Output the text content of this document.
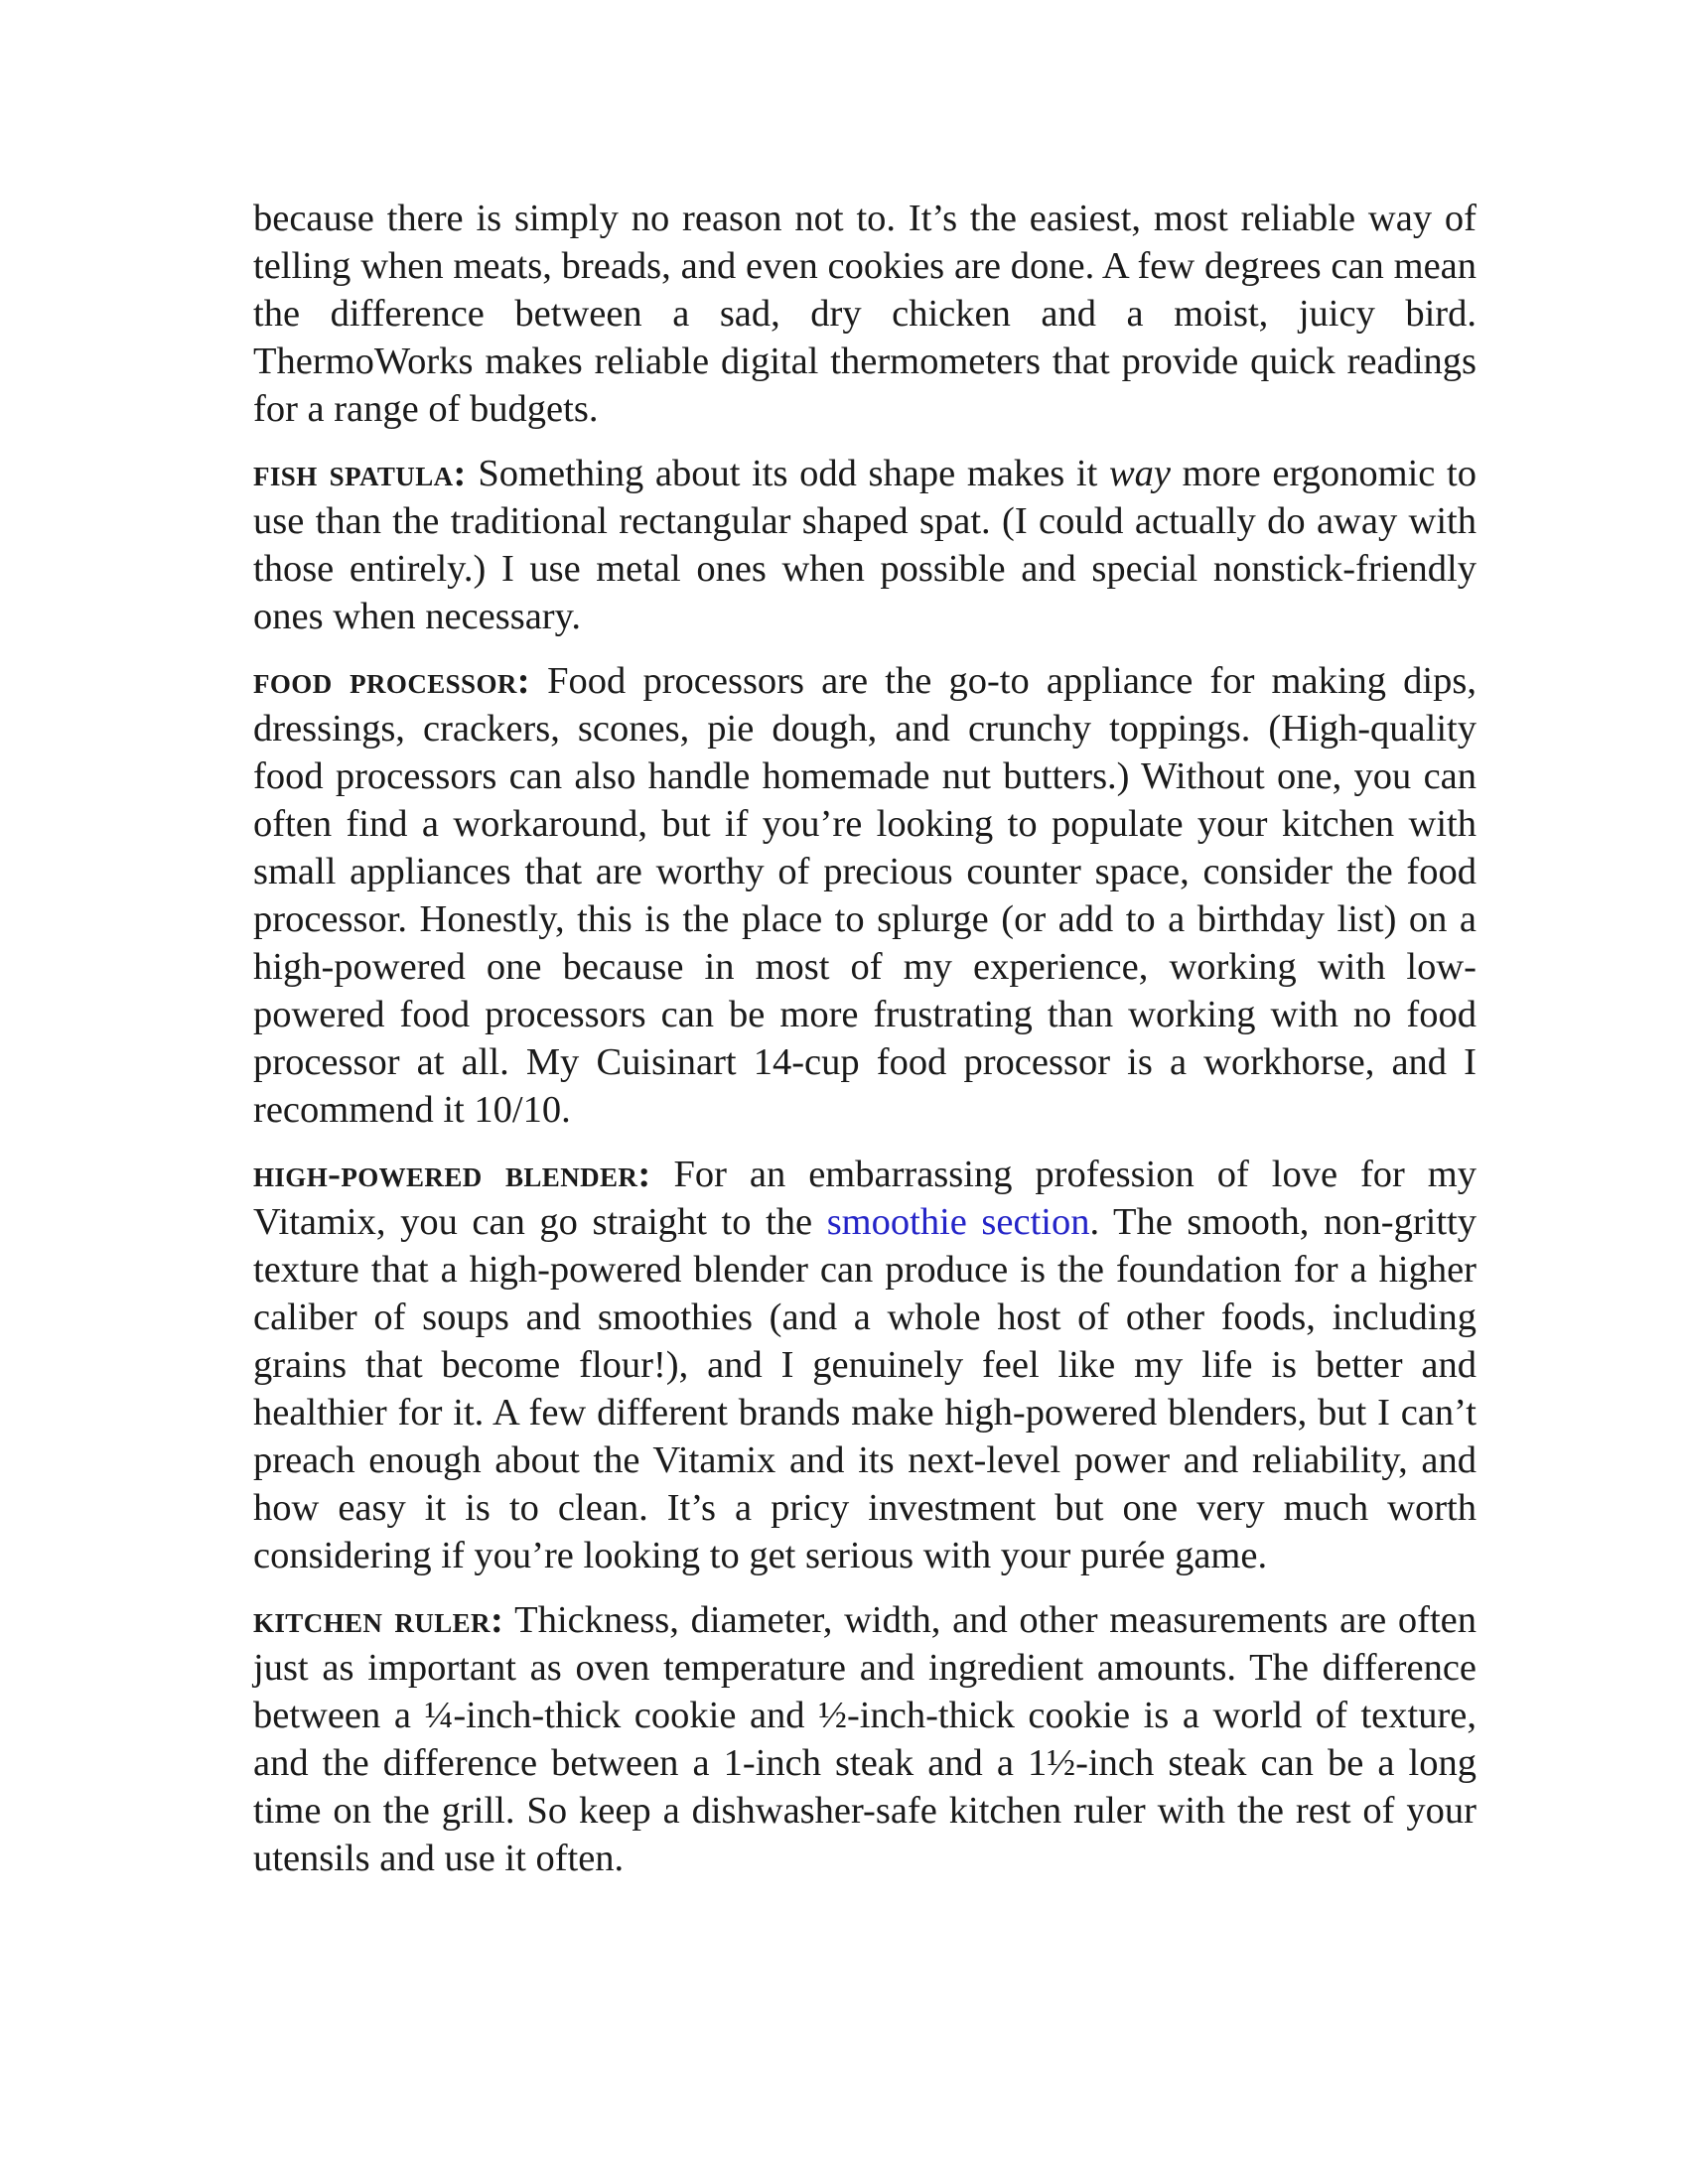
because there is simply no reason not to. It’s the easiest, most reliable way of telling when meats, breads, and even cookies are done. A few degrees can mean the difference between a sad, dry chicken and a moist, juicy bird. ThermoWorks makes reliable digital thermometers that provide quick readings for a range of budgets.

fish spatula: Something about its odd shape makes it way more ergonomic to use than the traditional rectangular shaped spat. (I could actually do away with those entirely.) I use metal ones when possible and special nonstick-friendly ones when necessary.

food processor: Food processors are the go-to appliance for making dips, dressings, crackers, scones, pie dough, and crunchy toppings. (High-quality food processors can also handle homemade nut butters.) Without one, you can often find a workaround, but if you’re looking to populate your kitchen with small appliances that are worthy of precious counter space, consider the food processor. Honestly, this is the place to splurge (or add to a birthday list) on a high-powered one because in most of my experience, working with low-powered food processors can be more frustrating than working with no food processor at all. My Cuisinart 14-cup food processor is a workhorse, and I recommend it 10/10.

high-powered blender: For an embarrassing profession of love for my Vitamix, you can go straight to the smoothie section. The smooth, non-gritty texture that a high-powered blender can produce is the foundation for a higher caliber of soups and smoothies (and a whole host of other foods, including grains that become flour!), and I genuinely feel like my life is better and healthier for it. A few different brands make high-powered blenders, but I can’t preach enough about the Vitamix and its next-level power and reliability, and how easy it is to clean. It’s a pricy investment but one very much worth considering if you’re looking to get serious with your purée game.

kitchen ruler: Thickness, diameter, width, and other measurements are often just as important as oven temperature and ingredient amounts. The difference between a ¼-inch-thick cookie and ½-inch-thick cookie is a world of texture, and the difference between a 1-inch steak and a 1½-inch steak can be a long time on the grill. So keep a dishwasher-safe kitchen ruler with the rest of your utensils and use it often.
